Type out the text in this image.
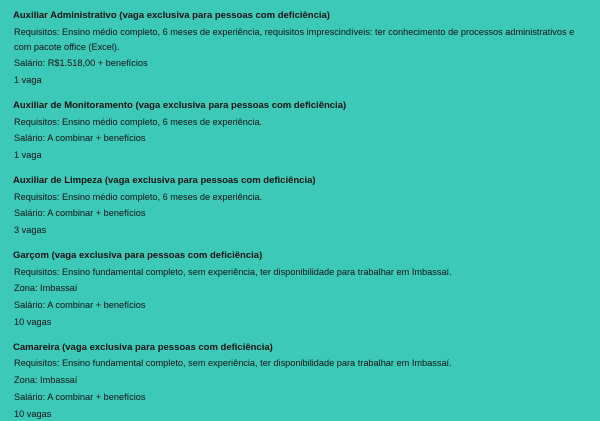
Auxiliar Administrativo (vaga exclusiva para pessoas com deficiência)
Requisitos: Ensino médio completo, 6 meses de experiência, requisitos imprescindíveis: ter conhecimento de processos administrativos e com pacote office (Excel).
Salário: R$1.518,00 + benefícios
1 vaga
Auxiliar de Monitoramento (vaga exclusiva para pessoas com deficiência)
Requisitos: Ensino médio completo, 6 meses de experiência.
Salário: A combinar + benefícios
1 vaga
Auxiliar de Limpeza (vaga exclusiva para pessoas com deficiência)
Requisitos: Ensino médio completo, 6 meses de experiência.
Salário: A combinar + benefícios
3 vagas
Garçom (vaga exclusiva para pessoas com deficiência)
Requisitos: Ensino fundamental completo, sem experiência, ter disponibilidade para trabalhar em Imbassaí.
Zona: Imbassaí
Salário: A combinar + benefícios
10 vagas
Camareira (vaga exclusiva para pessoas com deficiência)
Requisitos: Ensino fundamental completo, sem experiência, ter disponibilidade para trabalhar em Imbassaí.
Zona: Imbassaí
Salário: A combinar + benefícios
10 vagas
